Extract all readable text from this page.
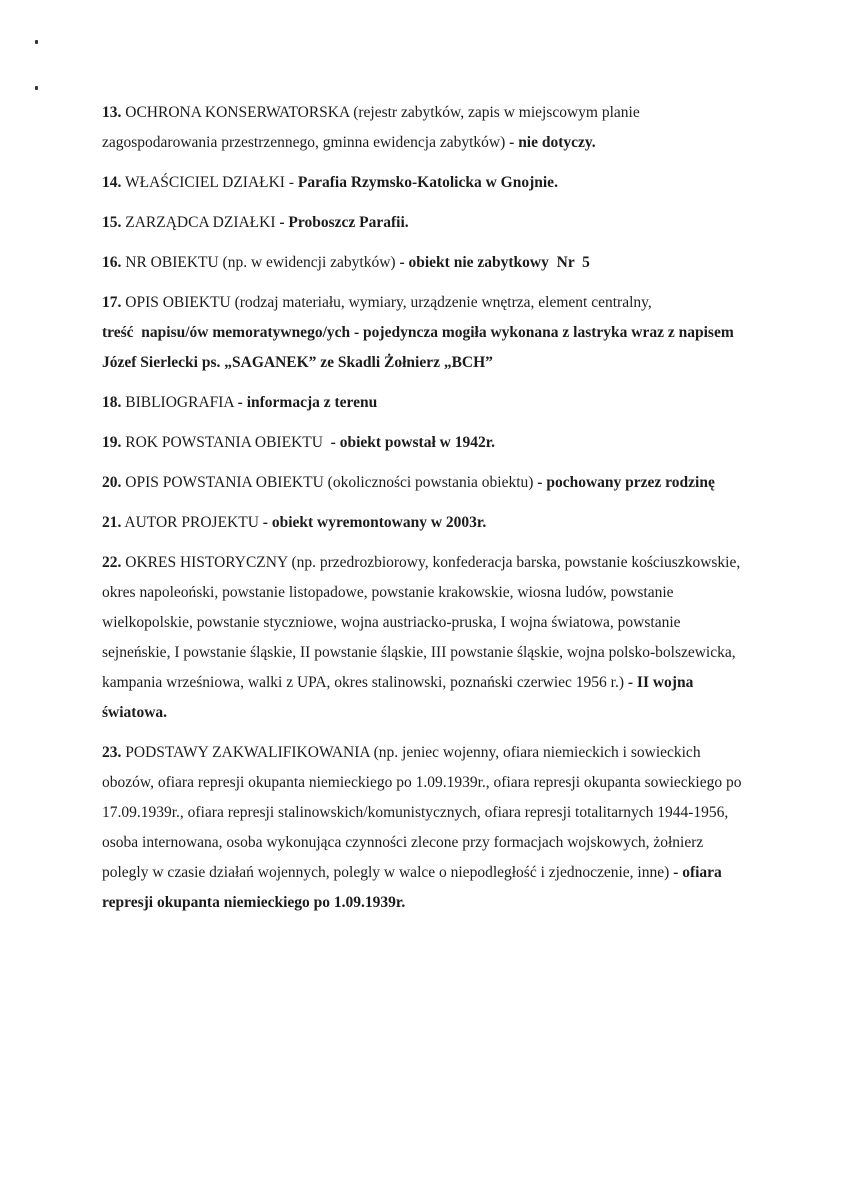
13. OCHRONA KONSERWATORSKA (rejestr zabytków, zapis w miejscowym planie
zagospodarowania przestrzennego, gminna ewidencja zabytków) - nie dotyczy.
14. WŁAŚCICIEL DZIAŁKI - Parafia Rzymsko-Katolicka w Gnojnie.
15. ZARZĄDCA DZIAŁKI - Proboszcz Parafii.
16. NR OBIEKTU (np. w ewidencji zabytków) - obiekt nie zabytkowy  Nr  5
17. OPIS OBIEKTU (rodzaj materiału, wymiary, urządzenie wnętrza, element centralny,
treść  napisu/ów memoratywnego/ych - pojedyncza mogiła wykonana z lastryka wraz z napisem Józef Sierlecki ps. „SAGANEK” ze Skadli Żołnierz „BCH”
18. BIBLIOGRAFIA - informacja z terenu
19. ROK POWSTANIA OBIEKTU - obiekt powstał w 1942r.
20. OPIS POWSTANIA OBIEKTU (okoliczności powstania obiektu) - pochowany przez rodzinę
21. AUTOR PROJEKTU - obiekt wyremontowany w 2003r.
22. OKRES HISTORYCZNY (np. przedrozbiorowy, konfederacja barska, powstanie kościuszkowskie, okres napoleoński, powstanie listopadowe, powstanie krakowskie, wiosna ludów, powstanie wielkopolskie, powstanie styczniowe, wojna austriacko-pruska, I wojna światowa, powstanie sejneńskie, I powstanie śląskie, II powstanie śląskie, III powstanie śląskie, wojna polsko-bolszewicka, kampania wrześniowa, walki z UPA, okres stalinowski, poznański czerwiec 1956 r.) - II wojna światowa.
23. PODSTAWY ZAKWALIFIKOWANIA (np. jeniec wojenny, ofiara niemieckich i sowieckich obozów, ofiara represji okupanta niemieckiego po 1.09.1939r., ofiara represji okupanta sowieckiego po 17.09.1939r., ofiara represji stalinowskich/komunistycznych, ofiara represji totalitarnych 1944-1956, osoba internowana, osoba wykonująca czynności zlecone przy formacjach wojskowych, żołnierz polegly w czasie działań wojennych, polegly w walce o niepodległość i zjednoczenie, inne) - ofiara represji okupanta niemieckiego po 1.09.1939r.
